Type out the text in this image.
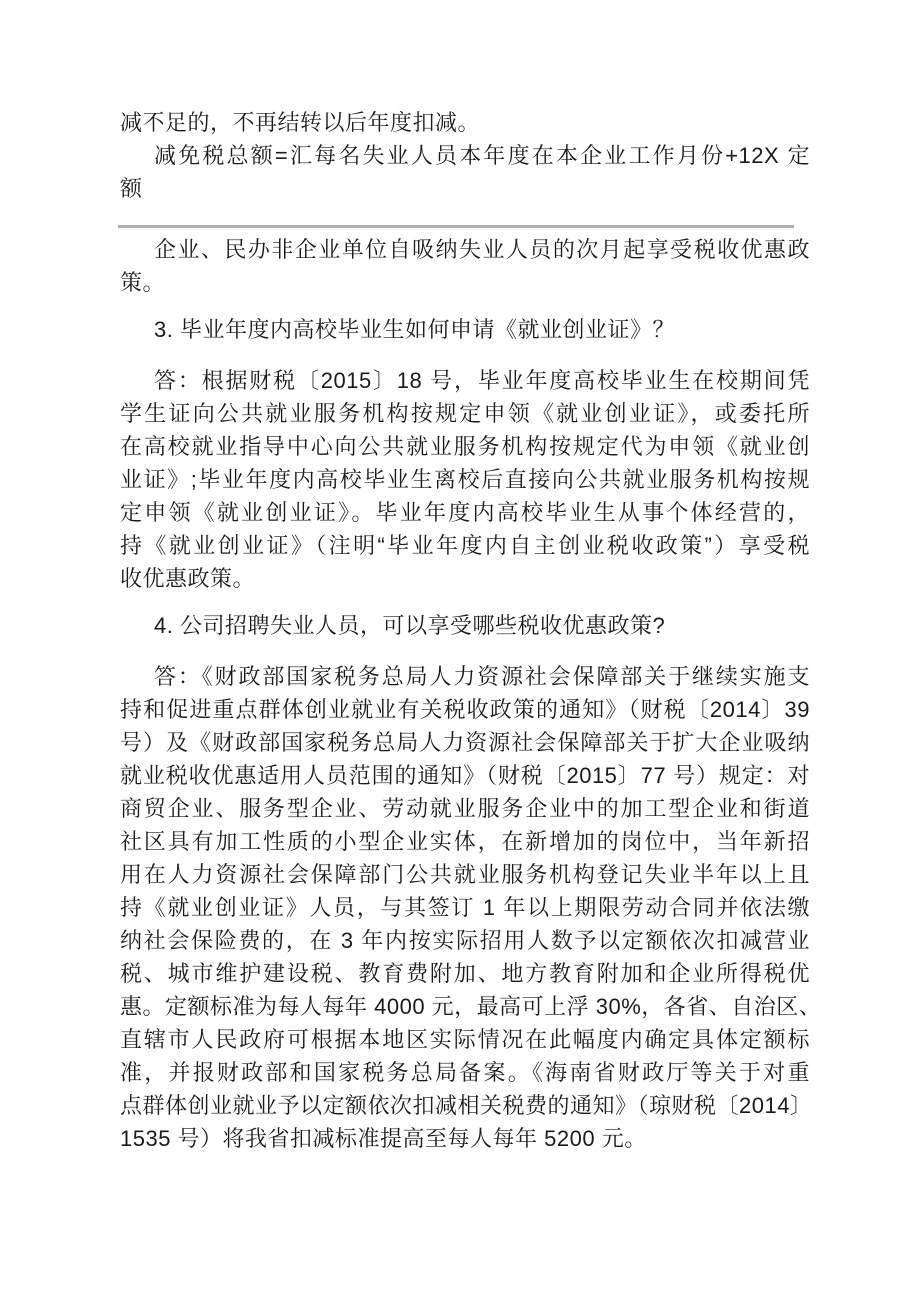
减不足的，不再结转以后年度扣减。
减免税总额=汇每名失业人员本年度在本企业工作月份+12X 定
额
企业、民办非企业单位自吸纳失业人员的次月起享受税收优惠政
策。
3. 毕业年度内高校毕业生如何申请《就业创业证》？
答：根据财税〔2015〕18 号，毕业年度高校毕业生在校期间凭
学生证向公共就业服务机构按规定申领《就业创业证》，或委托所
在高校就业指导中心向公共就业服务机构按规定代为申领《就业创
业证》;毕业年度内高校毕业生离校后直接向公共就业服务机构按规
定申领《就业创业证》。毕业年度内高校毕业生从事个体经营的，
持《就业创业证》（注明“毕业年度内自主创业税收政策”）享受税
收优惠政策。
4. 公司招聘失业人员，可以享受哪些税收优惠政策?
答：《财政部国家税务总局人力资源社会保障部关于继续实施支
持和促进重点群体创业就业有关税收政策的通知》（财税〔2014〕39
号）及《财政部国家税务总局人力资源社会保障部关于扩大企业吸纳
就业税收优惠适用人员范围的通知》（财税〔2015〕77 号）规定：对
商贸企业、服务型企业、劳动就业服务企业中的加工型企业和街道
社区具有加工性质的小型企业实体，在新增加的岗位中，当年新招
用在人力资源社会保障部门公共就业服务机构登记失业半年以上且
持《就业创业证》人员，与其签订 1 年以上期限劳动合同并依法缴
纳社会保险费的，在 3 年内按实际招用人数予以定额依次扣减营业
税、城市维护建设税、教育费附加、地方教育附加和企业所得税优
惠。定额标准为每人每年 4000 元，最高可上浮 30%，各省、自治区、
直辖市人民政府可根据本地区实际情况在此幅度内确定具体定额标
准，并报财政部和国家税务总局备案。《海南省财政厅等关于对重
点群体创业就业予以定额依次扣减相关税费的通知》（琼财税〔2014〕
1535 号）将我省扣减标准提高至每人每年 5200 元。
